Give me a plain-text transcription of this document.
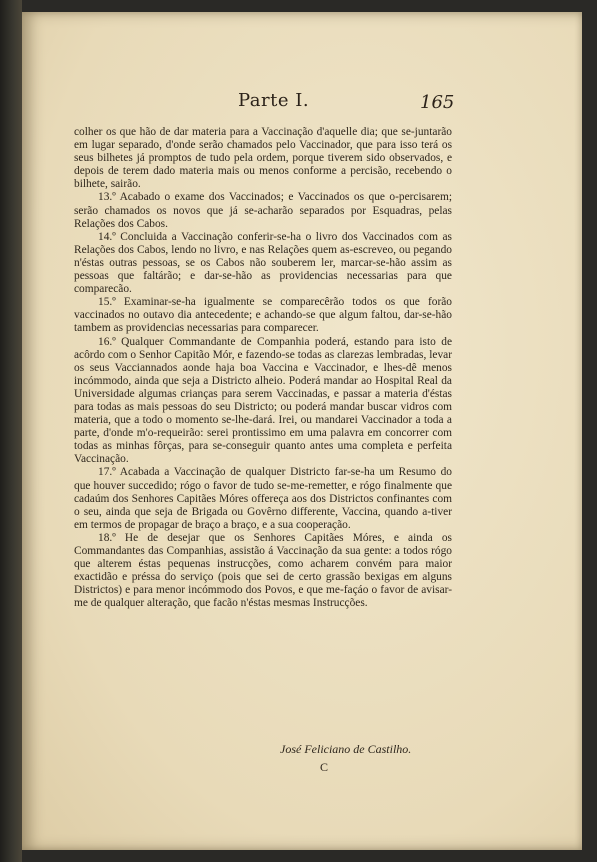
Parte I.	165

colher os que hão de dar materia para a Vaccinação d'aquelle dia; que se-juntarão em lugar separado, d'onde serão chamados pelo Vaccinador, que para isso terá os seus bilhetes já promptos de tudo pela ordem, porque tiverem sido observados, e depois de terem dado materia mais ou menos conforme a percisão, recebendo o bilhete, sairão.

13.º Acabado o exame dos Vaccinados; e Vaccinados os que o-percisarem; serão chamados os novos que já se-acharão separados por Esquadras, pelas Relações dos Cabos.

14.º Concluida a Vaccinação conferir-se-ha o livro dos Vaccinados com as Relações dos Cabos, lendo no livro, e nas Relações quem as-escreveo, ou pegando n'éstas outras pessoas, se os Cabos não souberem ler, marcar-se-hão assim as pessoas que faltárão; e dar-se-hão as providencias necessarias para que comparecão.

15.º Examinar-se-ha igualmente se comparecêrão todos os que forão vaccinados no outavo dia antecedente; e achando-se que algum faltou, dar-se-hão tambem as providencias necessarias para comparecer.

16.º Qualquer Commandante de Companhia poderá, estando para isto de acôrdo com o Senhor Capitão Mór, e fazendo-se todas as clarezas lembradas, levar os seus Vacciannados aonde haja boa Vaccina e Vaccinador, e lhes-dê menos incómmodo, ainda que seja a Districto alheio. Poderá mandar ao Hospital Real da Universidade algumas crianças para serem Vaccinadas, e passar a materia d'éstas para todas as mais pessoas do seu Districto; ou poderá mandar buscar vidros com materia, que a todo o momento se-lhe-dará. Irei, ou mandarei Vaccinador a toda a parte, d'onde m'o-requeirão: serei prontissimo em uma palavra em concorrer com todas as minhas fôrças, para se-conseguir quanto antes uma completa e perfeita Vaccinação.

17.º Acabada a Vaccinação de qualquer Districto far-se-ha um Resumo do que houver succedido; rógo o favor de tudo se-me-remetter, e rógo finalmente que cadaúm dos Senhores Capitães Móres offereça aos dos Districtos confinantes com o seu, ainda que seja de Brigada ou Govêrno differente, Vaccina, quando a-tiver em termos de propagar de braço a braço, e a sua cooperação.

18.º He de desejar que os Senhores Capitães Móres, e ainda os Commandantes das Companhias, assistão á Vaccinação da sua gente: a todos rógo que alterem éstas pequenas instrucções, como acharem convém para maior exactidão e préssa do serviço (pois que sei de certo grassão bexigas em alguns Districtos) e para menor incómmodo dos Povos, e que me-façáo o favor de avisar-me de qualquer alteração, que facão n'éstas mesmas Instrucções.

José Feliciano de Castilho.
C
